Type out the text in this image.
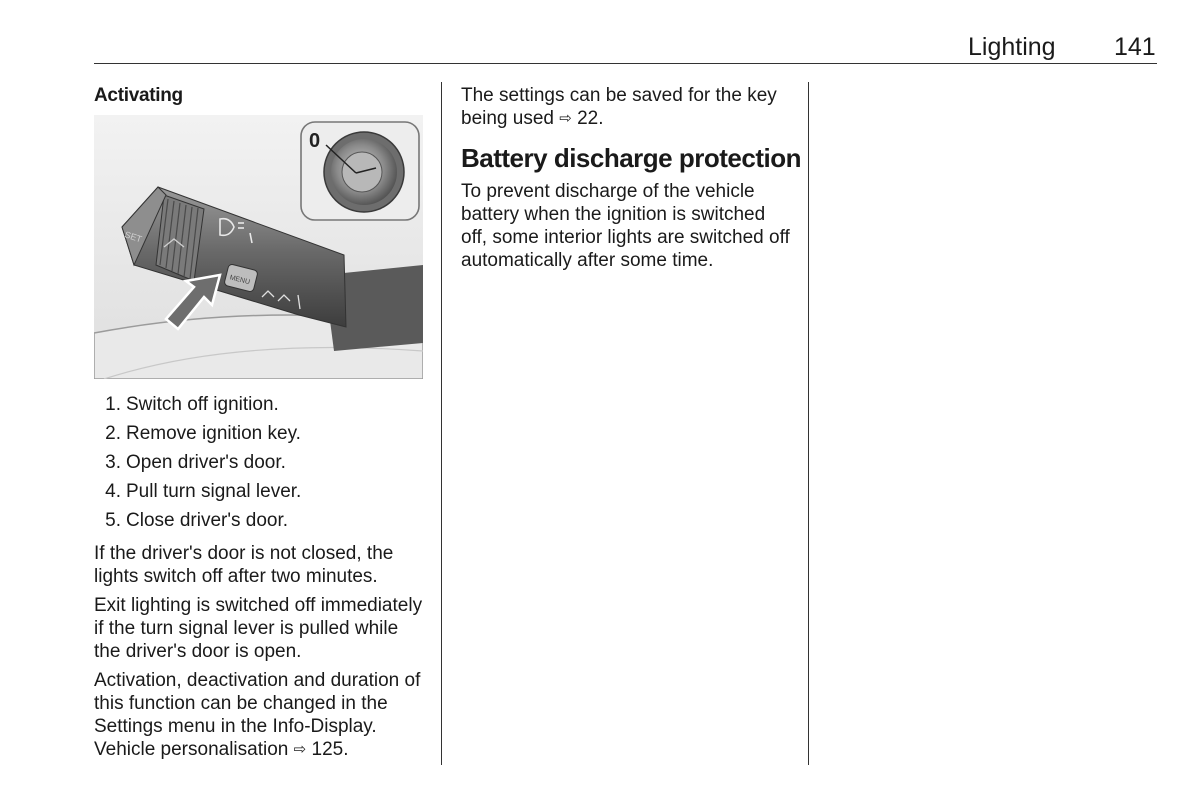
Lighting 141
Activating
SET
MENU
0
1. Switch off ignition.
2. Remove ignition key.
3. Open driver's door.
4. Pull turn signal lever.
5. Close driver's door.

If the driver's door is not closed, the lights switch off after two minutes.

Exit lighting is switched off immediately if the turn signal lever is pulled while the driver's door is open.

Activation, deactivation and duration of this function can be changed in the Settings menu in the Info-Display. Vehicle personalisation ⇨ 125.

The settings can be saved for the key being used ⇨ 22.

Battery discharge protection

To prevent discharge of the vehicle battery when the ignition is switched off, some interior lights are switched off automatically after some time.
